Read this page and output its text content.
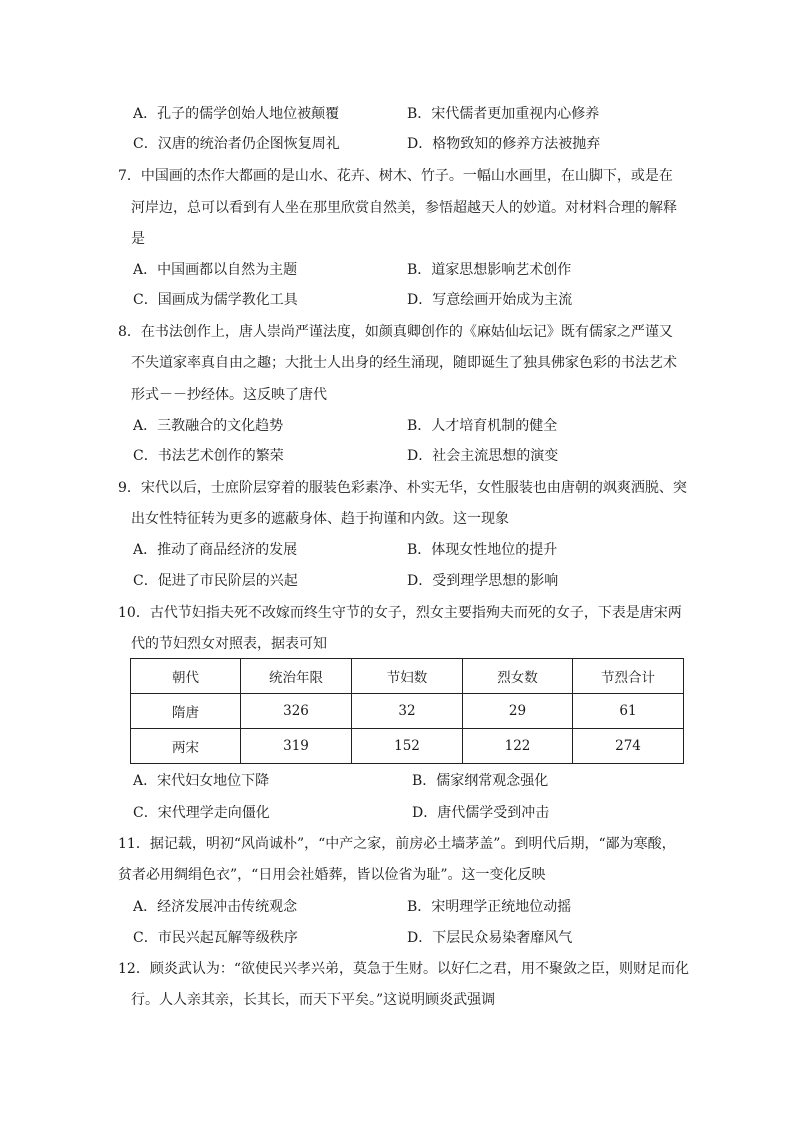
A．孔子的儒学创始人地位被颠覆	B．宋代儒者更加重视内心修养
C．汉唐的统治者仍企图恢复周礼	D．格物致知的修养方法被抛弃
7．中国画的杰作大都画的是山水、花卉、树木、竹子。一幅山水画里，在山脚下，或是在
河岸边，总可以看到有人坐在那里欣赏自然美，参悟超越天人的妙道。对材料合理的解释
是
A．中国画都以自然为主题	B．道家思想影响艺术创作
C．国画成为儒学教化工具	D．写意绘画开始成为主流
8．在书法创作上，唐人崇尚严谨法度，如颜真卿创作的《麻姑仙坛记》既有儒家之严谨又
不失道家率真自由之趣；大批士人出身的经生涌现，随即诞生了独具佛家色彩的书法艺术
形式－－抄经体。这反映了唐代
A．三教融合的文化趋势	B．人才培育机制的健全
C．书法艺术创作的繁荣	D．社会主流思想的演变
9．宋代以后，士庶阶层穿着的服装色彩素净、朴实无华，女性服装也由唐朝的飒爽洒脱、突
出女性特征转为更多的遮蔽身体、趋于拘谨和内敛。这一现象
A．推动了商品经济的发展	B．体现女性地位的提升
C．促进了市民阶层的兴起	D．受到理学思想的影响
10．古代节妇指夫死不改嫁而终生守节的女子，烈女主要指殉夫而死的女子，下表是唐宋两
代的节妇烈女对照表，据表可知
朝代	统治年限	节妇数	烈女数	节烈合计
隋唐	326	32	29	61
两宋	319	152	122	274
A．宋代妇女地位下降	B．儒家纲常观念强化
C．宋代理学走向僵化	D．唐代儒学受到冲击
11．据记载，明初“风尚诚朴”，“中产之家，前房必土墙茅盖”。到明代后期，“鄙为寒酸，
贫者必用绸绢色衣”，“日用会社婚葬，皆以俭省为耻”。这一变化反映
A．经济发展冲击传统观念	B．宋明理学正统地位动摇
C．市民兴起瓦解等级秩序	D．下层民众易染奢靡风气
12．顾炎武认为：“欲使民兴孝兴弟，莫急于生财。以好仁之君，用不聚敛之臣，则财足而化
行。人人亲其亲，长其长，而天下平矣。”这说明顾炎武强调
